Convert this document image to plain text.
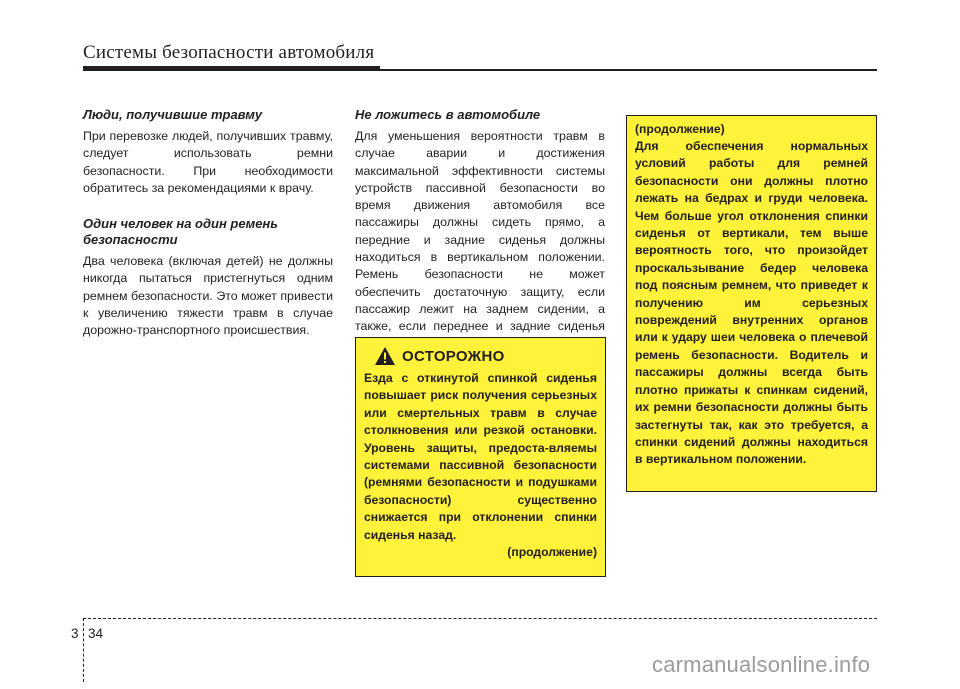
Системы безопасности автомобиля
Люди, получившие травму
При перевозке людей, получивших травму, следует использовать ремни безопасности. При необходимости обратитесь за рекомендациями к врачу.
Один человек на один ремень безопасности
Два человека (включая детей) не должны никогда пытаться пристегнуться одним ремнем безопасности. Это может привести к увеличению тяжести травм в случае дорожно-транспортного происшествия.
Не ложитесь в автомобиле
Для уменьшения вероятности травм в случае аварии и достижения максимальной эффективности системы устройств пассивной безопасности во время движения автомобиля все пассажиры должны сидеть прямо, а передние и задние сиденья должны находиться в вертикальном положении. Ремень безопасности не может обеспечить достаточную защиту, если пассажир лежит на заднем сидении, а также, если переднее и задние сиденья
ОСТОРОЖНО
Езда с откинутой спинкой сиденья повышает риск получения серьезных или смертельных травм в случае столкновения или резкой остановки. Уровень защиты, предоста-вляемы системами пассивной безопасности (ремнями безопасности и подушками безопасности) существенно снижается при отклонении спинки сиденья назад.
(продолжение)
(продолжение)
Для обеспечения нормальных условий работы для ремней безопасности они должны плотно лежать на бедрах и груди человека. Чем больше угол отклонения спинки сиденья от вертикали, тем выше вероятность того, что произойдет проскальзывание бедер человека под поясным ремнем, что приведет к получению им серьезных повреждений внутренних органов или к удару шеи человека о плечевой ремень безопасности. Водитель и пассажиры должны всегда быть плотно прижаты к спинкам сидений, их ремни безопасности должны быть застегнуты так, как это требуется, а спинки сидений должны находиться в вертикальном положении.
3 34
carmanualsonline.info
